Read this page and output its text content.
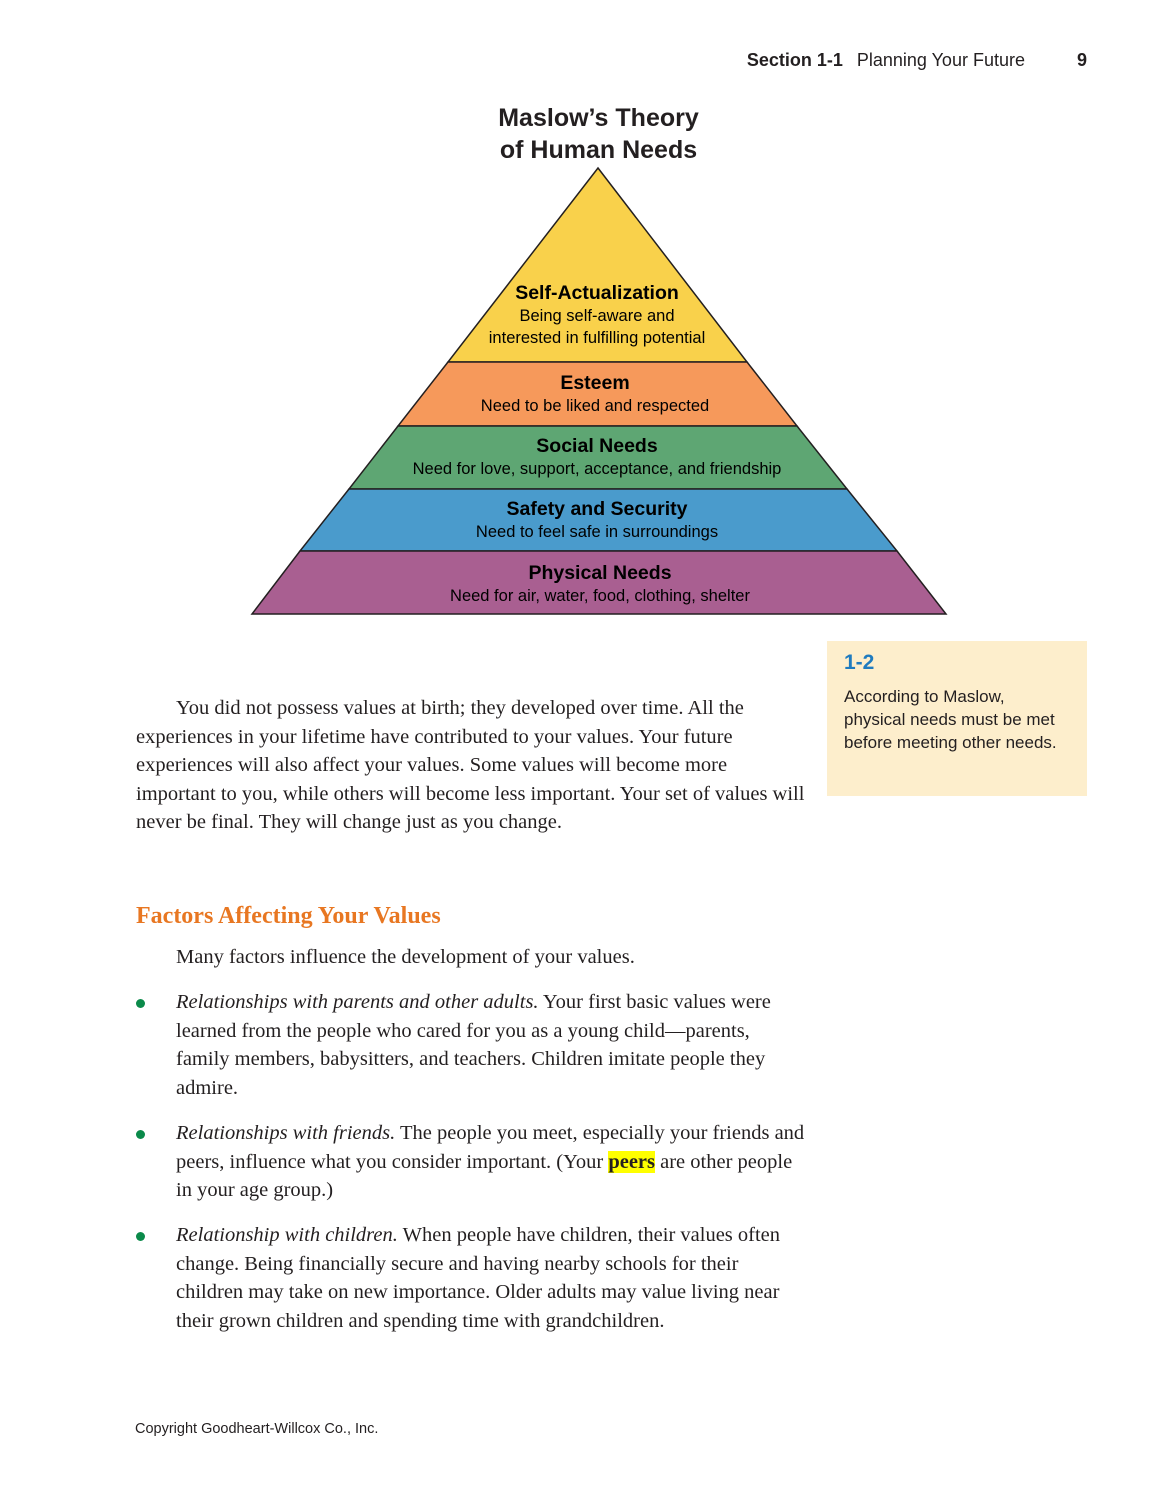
Section 1-1 Planning Your Future	9
Maslow’s Theory
of Human Needs
Self-Actualization
Being self-aware and
interested in fulfilling potential
Esteem
Need to be liked and respected
Social Needs
Need for love, support, acceptance, and friendship
Safety and Security
Need to feel safe in surroundings
Physical Needs
Need for air, water, food, clothing, shelter
1-2
According to Maslow, physical needs must be met before meeting other needs.
You did not possess values at birth; they developed over time. All the experiences in your lifetime have contributed to your values. Your future experiences will also affect your values. Some values will become more important to you, while others will become less important. Your set of values will never be final. They will change just as you change.
Factors Affecting Your Values
Many factors influence the development of your values.
Relationships with parents and other adults. Your first basic values were learned from the people who cared for you as a young child—parents, family members, babysitters, and teachers. Children imitate people they admire.
Relationships with friends. The people you meet, especially your friends and peers, influence what you consider important. (Your peers are other people in your age group.)
Relationship with children. When people have children, their values often change. Being financially secure and having nearby schools for their children may take on new importance. Older adults may value living near their grown children and spending time with grandchildren.
Copyright Goodheart-Willcox Co., Inc.
